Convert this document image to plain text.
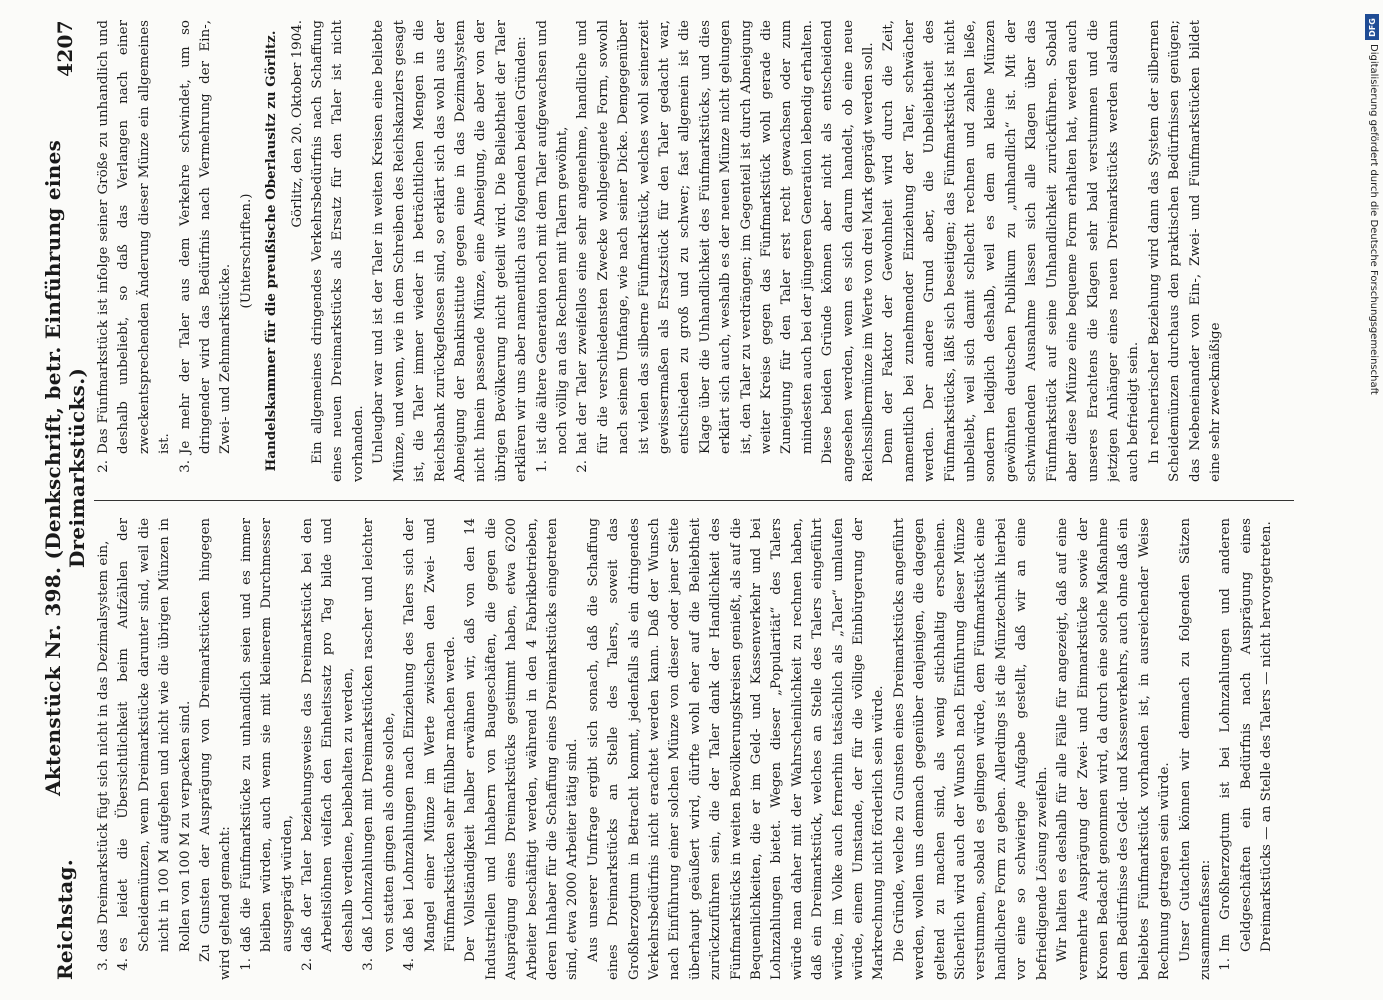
Reichstag.
Aktenstück Nr. 398. (Denkschrift, betr. Einführung eines Dreimarkstücks.)
4207
3.
das Dreimarkstück fügt sich nicht in das Dezimalsystem ein,
4.
es leidet die Übersichtlichkeit beim Aufzählen der Scheidemünzen, wenn Dreimarkstücke darunter sind, weil die nicht in 100 M aufgehen und nicht wie die übrigen Münzen in Rollen von 100 M zu verpacken sind. Zu Gunsten der Ausprägung von Dreimarkstücken hingegen wird geltend gemacht: 1.
daß die Fünfmarkstücke zu unhandlich seien und es immer bleiben würden, auch wenn sie mit kleinerem Durchmesser ausgeprägt würden,
2.
daß der Taler beziehungsweise das Dreimarkstück bei den Arbeitslöhnen vielfach den Einheitssatz pro Tag bilde und deshalb verdiene, beibehalten zu werden,
3.
daß Lohnzahlungen mit Dreimarkstücken rascher und leichter von statten gingen als ohne solche,
4.
daß bei Lohnzahlungen nach Einziehung des Talers sich der Mangel einer Münze im Werte zwischen den Zwei- und Fünfmarkstücken sehr fühlbar machen werde. Der Vollständigkeit halber erwähnen wir, daß von den 14 Industriellen und Inhabern von Baugeschäften, die gegen die Ausprägung eines Dreimarkstücks gestimmt haben, etwa 6200 Arbeiter beschäftigt werden, während in den 4 Fabrikbetrieben, deren Inhaber für die Schaffung eines Dreimarkstücks eingetreten sind, etwa 2000 Arbeiter tätig sind. Aus unserer Umfrage ergibt sich sonach, daß die Schaffung eines Dreimarkstücks an Stelle des Talers, soweit das Großherzogtum in Betracht kommt, jedenfalls als ein dringendes Verkehrsbedürfnis nicht erachtet werden kann. Daß der Wunsch nach Einführung einer solchen Münze von dieser oder jener Seite überhaupt geäußert wird, dürfte wohl eher auf die Beliebtheit zurückzuführen sein, die der Taler dank der Handlichkeit des Fünfmarkstücks in weiten Bevölkerungskreisen genießt, als auf die Bequemlichkeiten, die er im Geld- und Kassenverkehr und bei Lohnzahlungen bietet. Wegen dieser „Popularität“ des Talers würde man daher mit der Wahrscheinlichkeit zu rechnen haben, daß ein Dreimarkstück, welches an Stelle des Talers eingeführt würde, im Volke auch fernerhin tatsächlich als „Taler“ umlaufen würde, einem Umstande, der für die völlige Einbürgerung der Markrechnung nicht förderlich sein würde. Die Gründe, welche zu Gunsten eines Dreimarkstücks angeführt werden, wollen uns demnach gegenüber denjenigen, die dagegen geltend zu machen sind, als wenig stichhaltig erscheinen. Sicherlich wird auch der Wunsch nach Einführung dieser Münze verstummen, sobald es gelingen würde, dem Fünfmarkstück eine handlichere Form zu geben. Allerdings ist die Münztechnik hierbei vor eine so schwierige Aufgabe gestellt, daß wir an eine befriedigende Lösung zweifeln. Wir halten es deshalb für alle Fälle für angezeigt, daß auf eine vermehrte Ausprägung der Zwei- und Einmarkstücke sowie der Kronen Bedacht genommen wird, da durch eine solche Maßnahme dem Bedürfnisse des Geld- und Kassenverkehrs, auch ohne daß ein beliebtes Fünfmarkstück vorhanden ist, in ausreichender Weise Rechnung getragen sein würde. Unser Gutachten können wir demnach zu folgenden Sätzen zusammenfassen: 1.
Im Großherzogtum ist bei Lohnzahlungen und anderen Geldgeschäften ein Bedürfnis nach Ausprägung eines Dreimarkstücks — an Stelle des Talers — nicht hervorgetreten.
2.
Das Fünfmarkstück ist infolge seiner Größe zu unhandlich und deshalb unbeliebt, so daß das Verlangen nach einer zweckentsprechenden Änderung dieser Münze ein allgemeines ist.
3.
Je mehr der Taler aus dem Verkehre schwindet, um so dringender wird das Bedürfnis nach Vermehrung der Ein-, Zwei- und Zehnmarkstücke.

(Unterschriften.) Handelskammer für die preußische Oberlausitz zu Görlitz. Görlitz, den 20. Oktober 1904. Ein allgemeines dringendes Verkehrsbedürfnis nach Schaffung eines neuen Dreimarkstücks als Ersatz für den Taler ist nicht vorhanden. Unleugbar war und ist der Taler in weiten Kreisen eine beliebte Münze, und wenn, wie in dem Schreiben des Reichskanzlers gesagt ist, die Taler immer wieder in beträchtlichen Mengen in die Reichsbank zurückgeflossen sind, so erklärt sich das wohl aus der Abneigung der Bankinstitute gegen eine in das Dezimalsystem nicht hinein passende Münze, eine Abneigung, die aber von der übrigen Bevölkerung nicht geteilt wird. Die Beliebtheit der Taler erklären wir uns aber namentlich aus folgenden beiden Gründen: 1.
ist die ältere Generation noch mit dem Taler aufgewachsen und noch völlig an das Rechnen mit Talern gewöhnt,
2.
hat der Taler zweifellos eine sehr angenehme, handliche und für die verschiedensten Zwecke wohlgeeignete Form, sowohl nach seinem Umfange, wie nach seiner Dicke. Demgegenüber ist vielen das silberne Fünfmarkstück, welches wohl seinerzeit gewissermaßen als Ersatzstück für den Taler gedacht war, entschieden zu groß und zu schwer; fast allgemein ist die Klage über die Unhandlichkeit des Fünfmarkstücks, und dies erklärt sich auch, weshalb es der neuen Münze nicht gelungen ist, den Taler zu verdrängen; im Gegenteil ist durch Abneigung weiter Kreise gegen das Fünfmarkstück wohl gerade die Zuneigung für den Taler erst recht gewachsen oder zum mindesten auch bei der jüngeren Generation lebendig erhalten. Diese beiden Gründe können aber nicht als entscheidend angesehen werden, wenn es sich darum handelt, ob eine neue Reichssilbermünze im Werte von drei Mark geprägt werden soll. Denn der Faktor der Gewohnheit wird durch die Zeit, namentlich bei zunehmender Einziehung der Taler, schwächer werden. Der andere Grund aber, die Unbeliebtheit des Fünfmarkstücks, läßt sich beseitigen; das Fünfmarkstück ist nicht unbeliebt, weil sich damit schlecht rechnen und zahlen ließe, sondern lediglich deshalb, weil es dem an kleine Münzen gewöhnten deutschen Publikum zu „unhandlich“ ist. Mit der schwindenden Ausnahme lassen sich alle Klagen über das Fünfmarkstück auf seine Unhandlichkeit zurückführen. Sobald aber diese Münze eine bequeme Form erhalten hat, werden auch unseres Erachtens die Klagen sehr bald verstummen und die jetzigen Anhänger eines neuen Dreimarkstücks werden alsdann auch befriedigt sein. In rechnerischer Beziehung wird dann das System der silbernen Scheidemünzen durchaus den praktischen Bedürfnissen genügen; das Nebeneinander von Ein-, Zwei- und Fünfmarkstücken bildet eine sehr zweckmäßige

DFG
Digitalisierung gefördert durch die Deutsche Forschungsgemeinschaft
